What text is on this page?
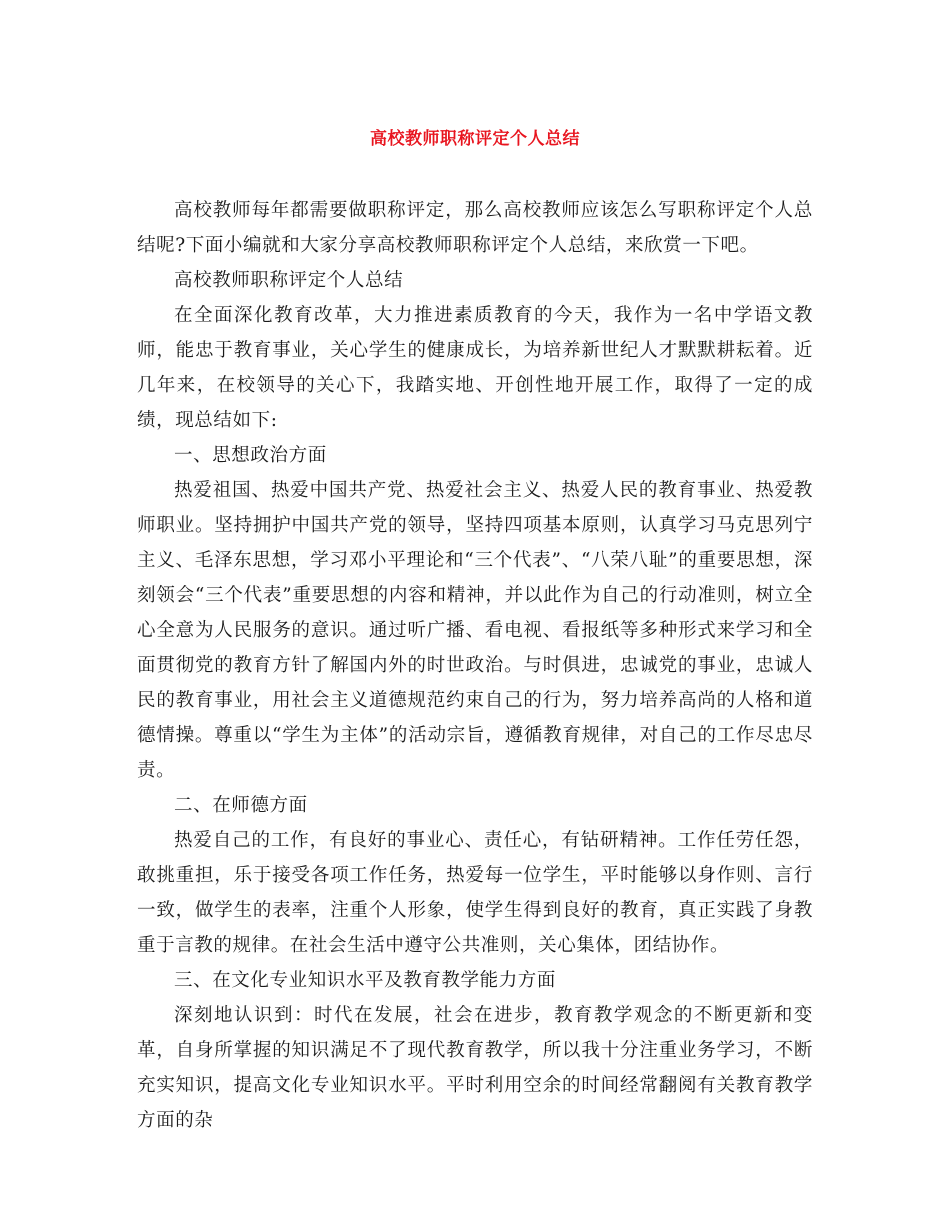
高校教师职称评定个人总结

高校教师每年都需要做职称评定，那么高校教师应该怎么写职称评定个人总结呢?下面小编就和大家分享高校教师职称评定个人总结，来欣赏一下吧。

高校教师职称评定个人总结

在全面深化教育改革，大力推进素质教育的今天，我作为一名中学语文教师，能忠于教育事业，关心学生的健康成长，为培养新世纪人才默默耕耘着。近几年来，在校领导的关心下，我踏实地、开创性地开展工作，取得了一定的成绩，现总结如下:

一、思想政治方面

热爱祖国、热爱中国共产党、热爱社会主义、热爱人民的教育事业、热爱教师职业。坚持拥护中国共产党的领导，坚持四项基本原则，认真学习马克思列宁主义、毛泽东思想，学习邓小平理论和“三个代表”、“八荣八耻”的重要思想，深刻领会“三个代表”重要思想的内容和精神，并以此作为自己的行动准则，树立全心全意为人民服务的意识。通过听广播、看电视、看报纸等多种形式来学习和全面贯彻党的教育方针了解国内外的时世政治。与时俱进，忠诚党的事业，忠诚人民的教育事业，用社会主义道德规范约束自己的行为，努力培养高尚的人格和道德情操。尊重以“学生为主体”的活动宗旨，遵循教育规律，对自己的工作尽忠尽责。

二、在师德方面

热爱自己的工作，有良好的事业心、责任心，有钻研精神。工作任劳任怨，敢挑重担，乐于接受各项工作任务，热爱每一位学生，平时能够以身作则、言行一致，做学生的表率，注重个人形象，使学生得到良好的教育，真正实践了身教重于言教的规律。在社会生活中遵守公共准则，关心集体，团结协作。

三、在文化专业知识水平及教育教学能力方面

深刻地认识到：时代在发展，社会在进步，教育教学观念的不断更新和变革，自身所掌握的知识满足不了现代教育教学，所以我十分注重业务学习，不断充实知识，提高文化专业知识水平。平时利用空余的时间经常翻阅有关教育教学方面的杂
